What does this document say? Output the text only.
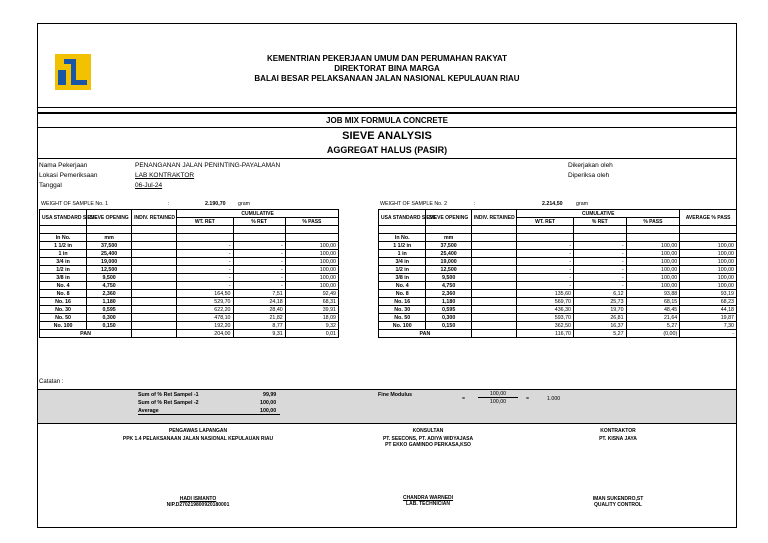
KEMENTRIAN PEKERJAAN UMUM DAN PERUMAHAN RAKYAT
DIREKTORAT BINA MARGA
BALAI BESAR PELAKSANAAN JALAN NASIONAL KEPULAUAN RIAU
JOB MIX FORMULA CONCRETE
SIEVE ANALYSIS
AGGREGAT HALUS (PASIR)
Nama Pekerjaan	PENANGANAN JALAN PENINTING-PAYALAMAN
Lokasi Pemeriksaan	LAB KONTRAKTOR
Tanggal	06-Jul-24
Dikerjakan oleh
Diperiksa oleh
WEIGHT OF SAMPLE No. 1	:	2.190,70 gram	WEIGHT OF SAMPLE No. 2	:	2.214,50	gram
USA STANDARD SIEVE	SIEVE OPENING	INDIV. RETAINED	CUMULATIVE		
			WT. RET	% RET	% PASS

In No.	mm				
1 1/2 in	37,500		-	-	100,00
1 in	25,400		-	-	100,00
3/4 in	19,000		-	-	100,00
1/2 in	12,500		-	-	100,00
3/8 in	9,500		-	-	100,00
No. 4	4,750		-	-	100,00
No. 8	2,360		164,50	7,51	92,49
No. 16	1,180		529,70	24,18	68,31
No. 30	0,595		622,20	28,40	39,91
No. 50	0,300		478,10	21,82	18,09
No. 100	0,150		192,20	8,77	9,32
PAN			204,00	9,31	0,01
USA STANDARD SIEVE	SIEVE OPENING	INDIV. RETAINED	CUMULATIVE			AVERAGE % PASS
			WT. RET	% RET	% PASS	

In No.	mm					
1 1/2 in	37,500		-	-	100,00	100,00
1 in	25,400		-	-	100,00	100,00
3/4 in	19,000		-	-	100,00	100,00
1/2 in	12,500		-	-	100,00	100,00
3/8 in	9,500		-	-	100,00	100,00
No. 4	4,750		-	-	100,00	100,00
No. 8	2,360		135,60	6,12	93,88	93,19
No. 16	1,180		569,70	25,73	68,15	68,23
No. 30	0,595		436,30	19,70	48,45	44,18
No. 50	0,300		593,70	26,81	21,64	19,87
No. 100	0,150		362,50	16,37	5,27	7,30
PAN			116,70	5,27	(0,00)	-
Catatan :
Sum of % Ret Sampel -1	99,99
Sum of % Ret Sampel -2	100,00
Average	100,00
Fine Modulus
=
100,00
100,00	=	1.000
PENGAWAS LAPANGAN
PPK 1.4 PELAKSANAAN JALAN NASIONAL KEPULAUAN RIAU
HADI ISMANTO
NIP.D270219800920180001
KONSULTAN
PT. SEECONS, PT. ADIYA WIDYAJASA
PT EKKO GAMINDO PERKASA,KSO
CHANDRA WARNEDI
LAB. TECHNICIAN
KONTRAKTOR
PT. KISNA JAYA
IMAN SUKENDRO,ST
QUALITY CONTROL
